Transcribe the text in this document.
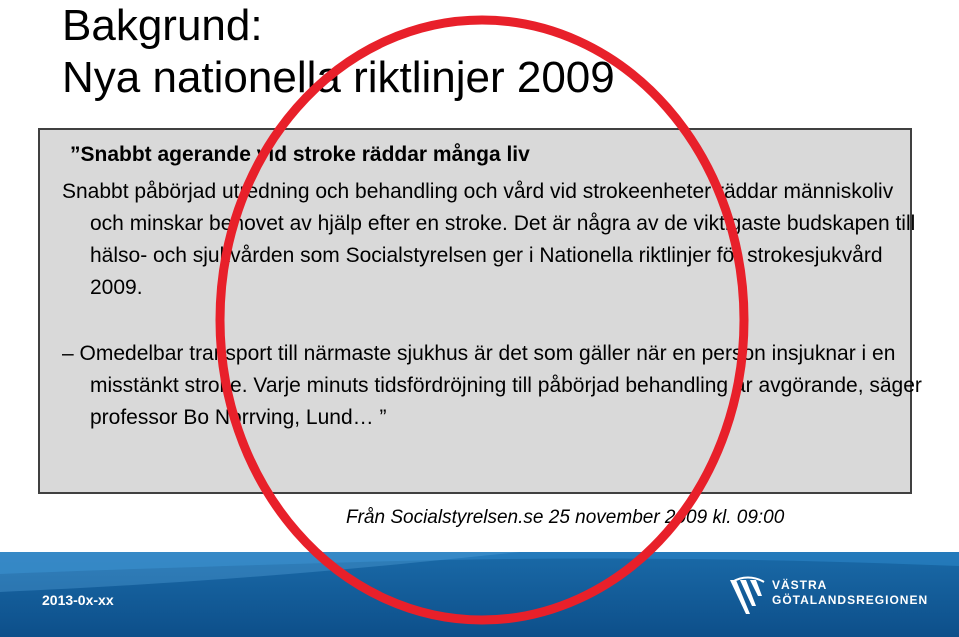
Bakgrund:
Nya nationella riktlinjer 2009
”Snabbt agerande vid stroke räddar många liv

Snabbt påbörjad utredning och behandling och vård vid strokeenheter räddar människoliv och minskar behovet av hjälp efter en stroke. Det är några av de viktigaste budskapen till hälso- och sjukvården som Socialstyrelsen ger i Nationella riktlinjer för strokesjukvård 2009.

– Omedelbar transport till närmaste sjukhus är det som gäller när en person insjuknar i en misstänkt stroke. Varje minuts tidsfördröjning till påbörjad behandling är avgörande, säger professor Bo Norrving, Lund… ”

Från Socialstyrelsen.se 25 november 2009 kl. 09:00
2013-0x-xx
VÄSTRA
GÖTALANDSREGIONEN
